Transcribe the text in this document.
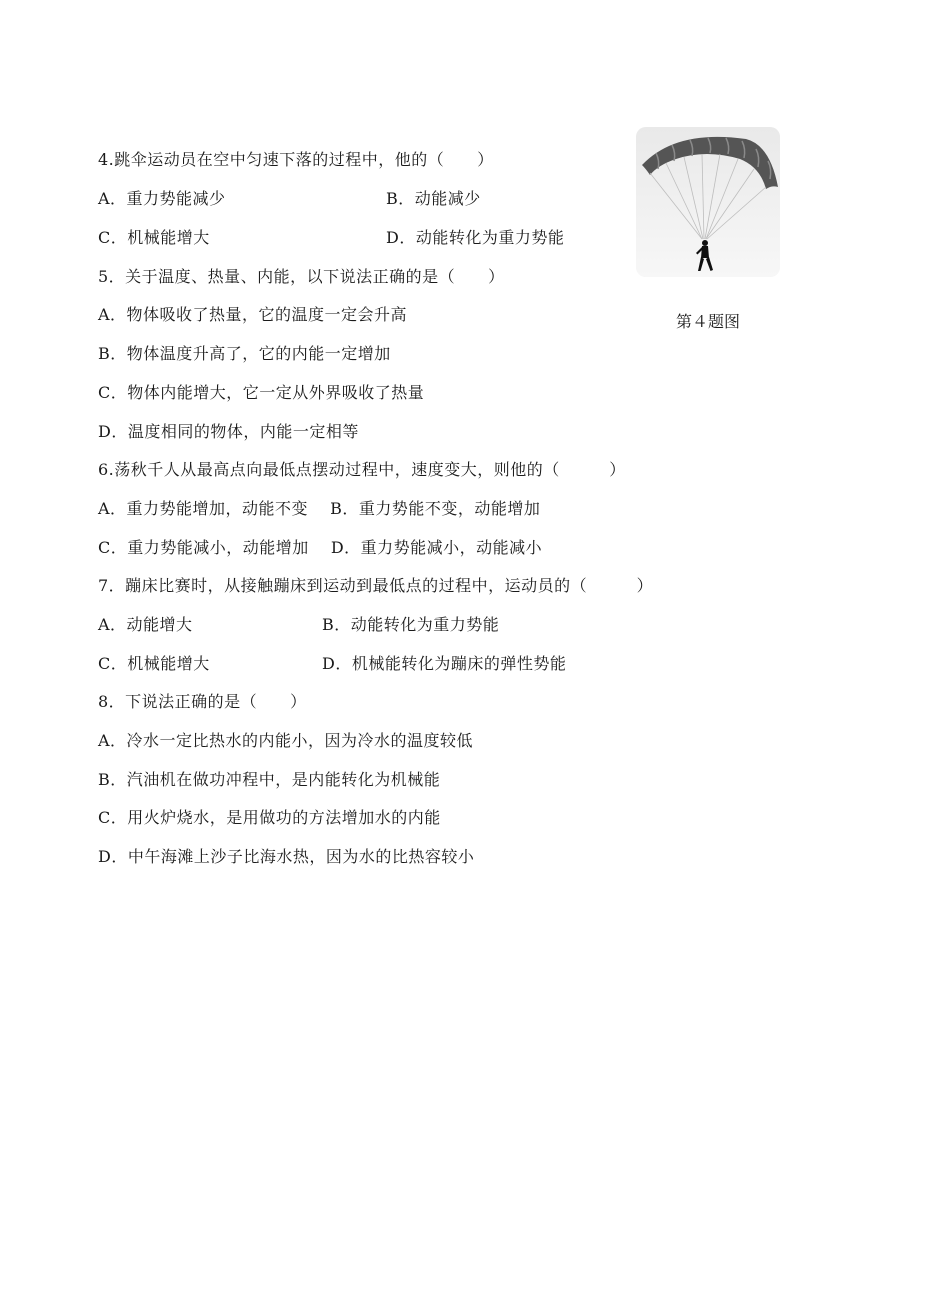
4.跳伞运动员在空中匀速下落的过程中，他的（　　）
A．重力势能减少	B．动能减少
C．机械能增大	D．动能转化为重力势能
5．关于温度、热量、内能，以下说法正确的是（　　）
A．物体吸收了热量，它的温度一定会升高
B．物体温度升高了，它的内能一定增加
C．物体内能增大，它一定从外界吸收了热量
D．温度相同的物体，内能一定相等
6.荡秋千人从最高点向最低点摆动过程中，速度变大，则他的（　　　）
A．重力势能增加，动能不变　 B．重力势能不变，动能增加
C．重力势能减小，动能增加　 D．重力势能减小，动能减小
7．蹦床比赛时，从接触蹦床到运动到最低点的过程中，运动员的（　　　）
A．动能增大	B．动能转化为重力势能
C．机械能增大	D．机械能转化为蹦床的弹性势能
8．下说法正确的是（　　）
A．冷水一定比热水的内能小，因为冷水的温度较低
B．汽油机在做功冲程中，是内能转化为机械能
C．用火炉烧水，是用做功的方法增加水的内能
D．中午海滩上沙子比海水热，因为水的比热容较小
第４题图
